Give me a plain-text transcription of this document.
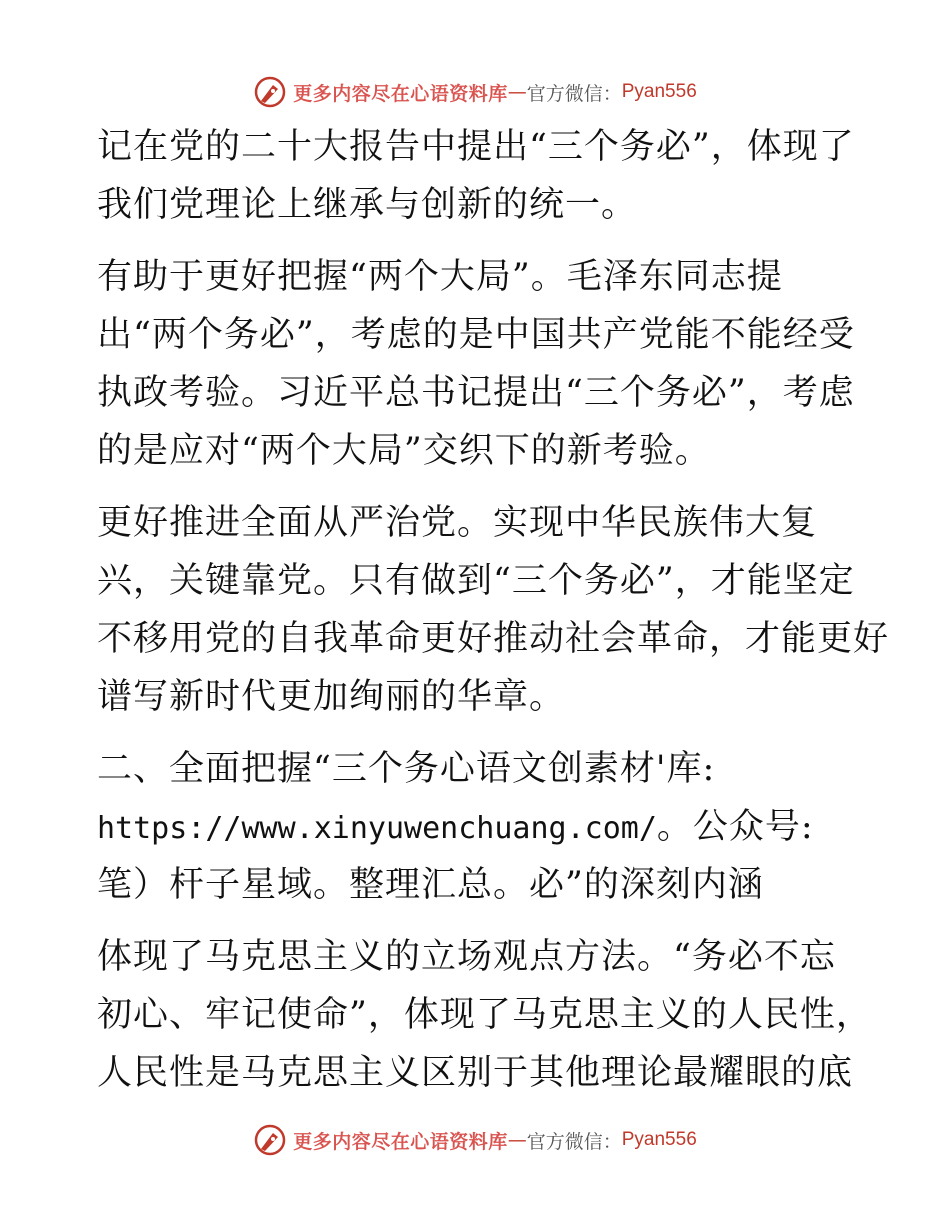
更多内容尽在心语资料库 — 官方微信： Pyan556
记在党的二十大报告中提出“三个务必”，体现了
我们党理论上继承与创新的统一。
有助于更好把握“两个大局”。毛泽东同志提
出“两个务必”，考虑的是中国共产党能不能经受
执政考验。习近平总书记提出“三个务必”，考虑
的是应对“两个大局”交织下的新考验。
更好推进全面从严治党。实现中华民族伟大复
兴，关键靠党。只有做到“三个务必”，才能坚定
不移用党的自我革命更好推动社会革命，才能更好
谱写新时代更加绚丽的华章。
二、全面把握“三个务心语文创素材'库:
https://www.xinyuwenchuang.com/。公众号:
笔）杆子星域。整理汇总。必”的深刻内涵
体现了马克思主义的立场观点方法。“务必不忘
初心、牢记使命”，体现了马克思主义的人民性，
人民性是马克思主义区别于其他理论最耀眼的底
更多内容尽在心语资料库 — 官方微信： Pyan556
